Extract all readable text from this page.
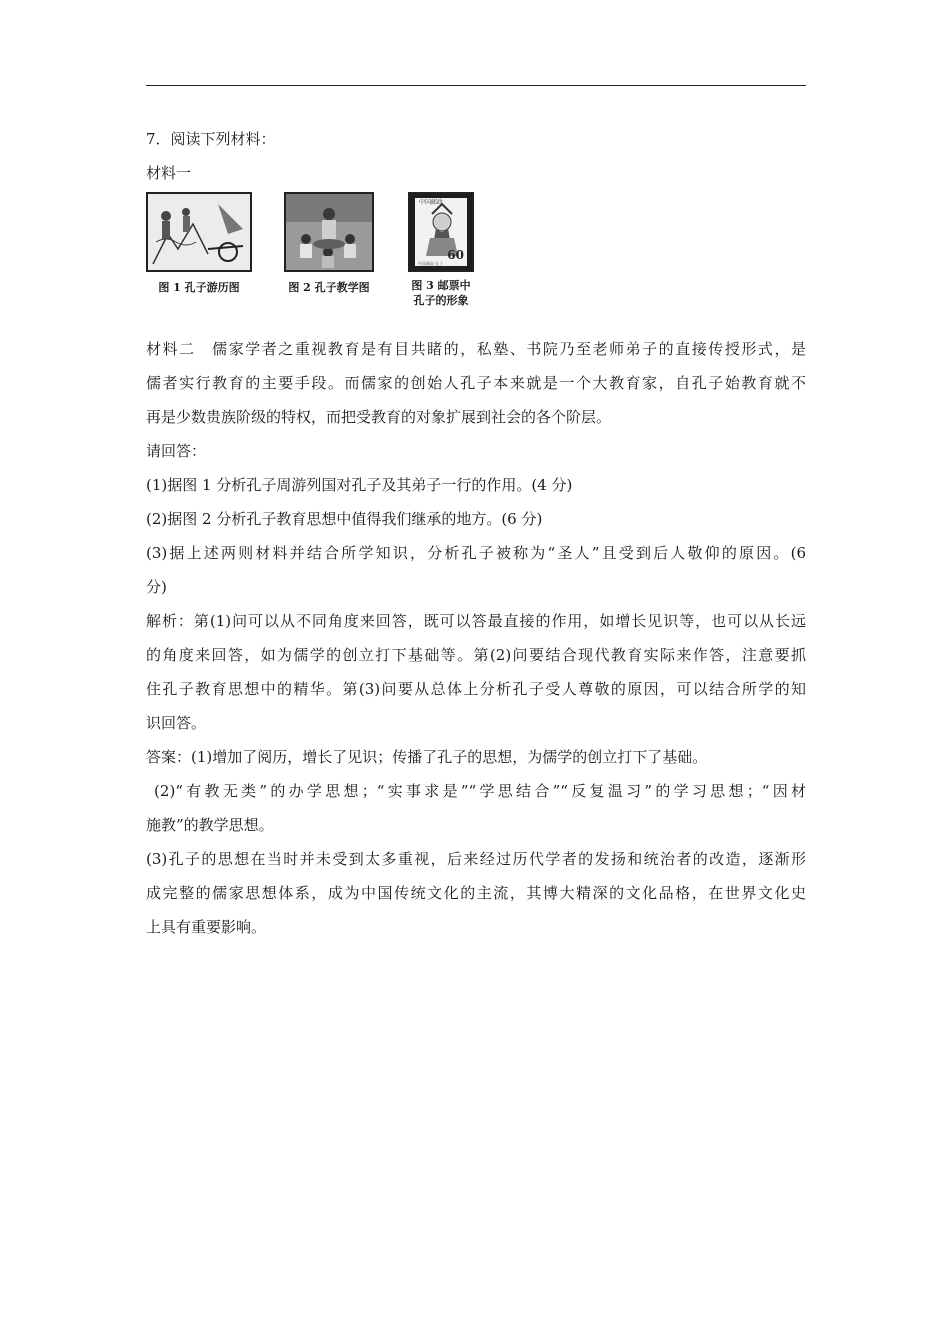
7．阅读下列材料：
材料一
图 1 孔子游历图	图 2 孔子教学图
中国邮政
60
中国邮政 孔子
图 3 邮票中
孔子的形象
材料二　儒家学者之重视教育是有目共睹的，私塾、书院乃至老师弟子的直接传授形式，是
儒者实行教育的主要手段。而儒家的创始人孔子本来就是一个大教育家，自孔子始教育就不
再是少数贵族阶级的特权，而把受教育的对象扩展到社会的各个阶层。
请回答：
(1)据图 1 分析孔子周游列国对孔子及其弟子一行的作用。(4 分)
(2)据图 2 分析孔子教育思想中值得我们继承的地方。(6 分)
(3)据上述两则材料并结合所学知识，分析孔子被称为“圣人”且受到后人敬仰的原因。(6
分)
解析：第(1)问可以从不同角度来回答，既可以答最直接的作用，如增长见识等，也可以从长远
的角度来回答，如为儒学的创立打下基础等。第(2)问要结合现代教育实际来作答，注意要抓
住孔子教育思想中的精华。第(3)问要从总体上分析孔子受人尊敬的原因，可以结合所学的知
识回答。
答案：(1)增加了阅历，增长了见识；传播了孔子的思想，为儒学的创立打下了基础。
(2)“有教无类”的办学思想；“实事求是”“学思结合”“反复温习”的学习思想；“因材
施教”的教学思想。
(3)孔子的思想在当时并未受到太多重视，后来经过历代学者的发扬和统治者的改造，逐渐形
成完整的儒家思想体系，成为中国传统文化的主流，其博大精深的文化品格，在世界文化史
上具有重要影响。
